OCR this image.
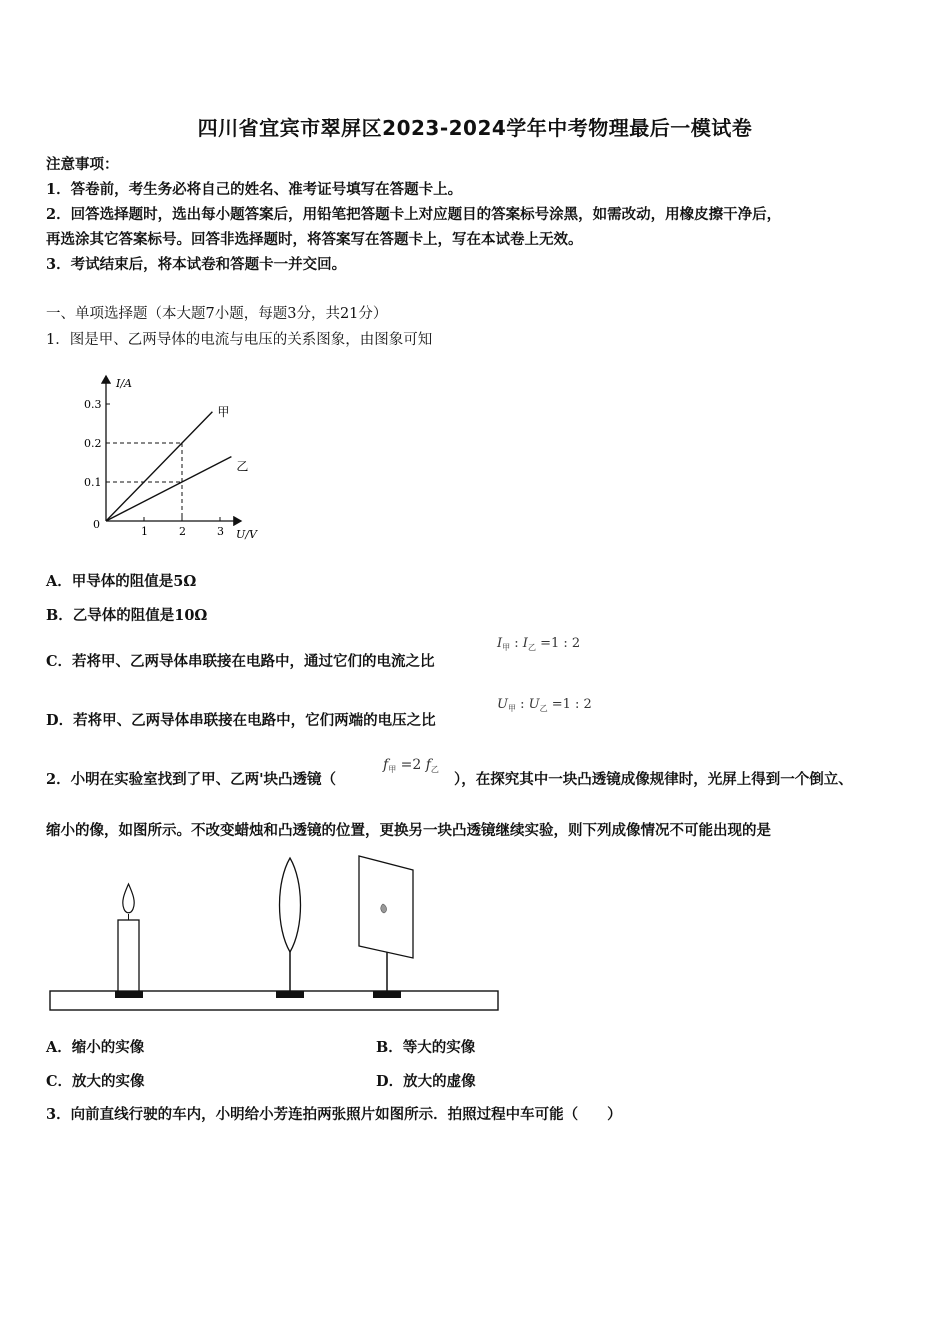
四川省宜宾市翠屏区2023-2024学年中考物理最后一模试卷
注意事项：
1．答卷前，考生务必将自己的姓名、准考证号填写在答题卡上。
2．回答选择题时，选出每小题答案后，用铅笔把答题卡上对应题目的答案标号涂黑，如需改动，用橡皮擦干净后，
再选涂其它答案标号。回答非选择题时，将答案写在答题卡上，写在本试卷上无效。
3．考试结束后，将本试卷和答题卡一并交回。
一、单项选择题（本大题7小题，每题3分，共21分）
1．图是甲、乙两导体的电流与电压的关系图象，由图象可知
I/A
U/V
0
1	2	3
0.1
0.2
0.3
甲
乙
A．甲导体的阻值是5Ω
B．乙导体的阻值是10Ω
C．若将甲、乙两导体串联接在电路中，通过它们的电流之比
$I_甲$ : $I_乙 =1$ : 2
D．若将甲、乙两导体串联接在电路中，它们两端的电压之比
$U_甲$ : $U_乙 =1$ : 2
2．小明在实验室找到了甲、乙两'块凸透镜（
$f_甲 =2$ $f_乙$
），在探究其中一块凸透镜成像规律时，光屏上得到一个倒立、
缩小的像，如图所示。不改变蜡烛和凸透镜的位置，更换另一块凸透镜继续实验，则下列成像情况不可能出现的是
A．缩小的实像	B．等大的实像
C．放大的实像	D．放大的虚像
3．向前直线行驶的车内，小明给小芳连拍两张照片如图所示．拍照过程中车可能（　　）
